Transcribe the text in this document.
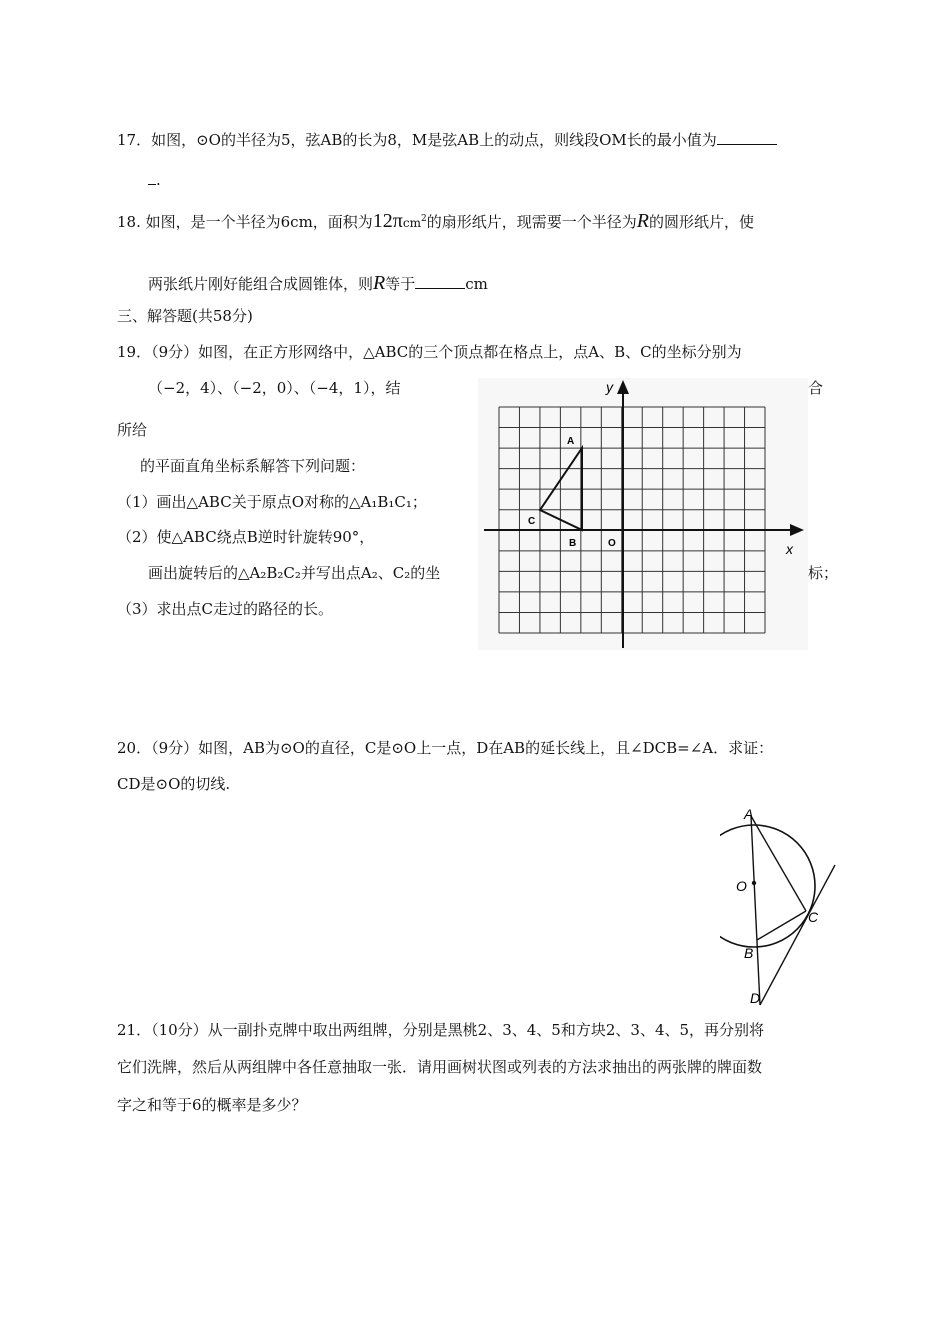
17．如图，⊙O的半径为5，弦AB的长为8，M是弦AB上的动点，则线段OM长的最小值为
.
18. 如图，是一个半径为6cm，面积为12πcm$^2$的扇形纸片，现需要一个半径为R的圆形纸片，使
两张纸片刚好能组合成圆锥体，则R等于	cm
三、解答题(共58分)
19．（9分）如图，在正方形网络中，△ABC的三个顶点都在格点上，点A、B、C的坐标分别为
（−2，4）、（−2，0）、（−4，1），结	合
所给
的平面直角坐标系解答下列问题：
（1）画出△ABC关于原点O对称的△A₁B₁C₁；
（2）使△ABC绕点B逆时针旋转90°，
画出旋转后的△A₂B₂C₂并写出点A₂、C₂的坐	标；
（3）求出点C走过的路径的长。
y
x
A
B
C
O
20．（9分）如图，AB为⊙O的直径，C是⊙O上一点，D在AB的延长线上，且∠DCB=∠A．求证：
CD是⊙O的切线.
A
O
B
C
D
21．（10分）从一副扑克牌中取出两组牌，分别是黑桃2、3、4、5和方块2、3、4、5，再分别将
它们洗牌，然后从两组牌中各任意抽取一张．请用画树状图或列表的方法求抽出的两张牌的牌面数
字之和等于6的概率是多少？
